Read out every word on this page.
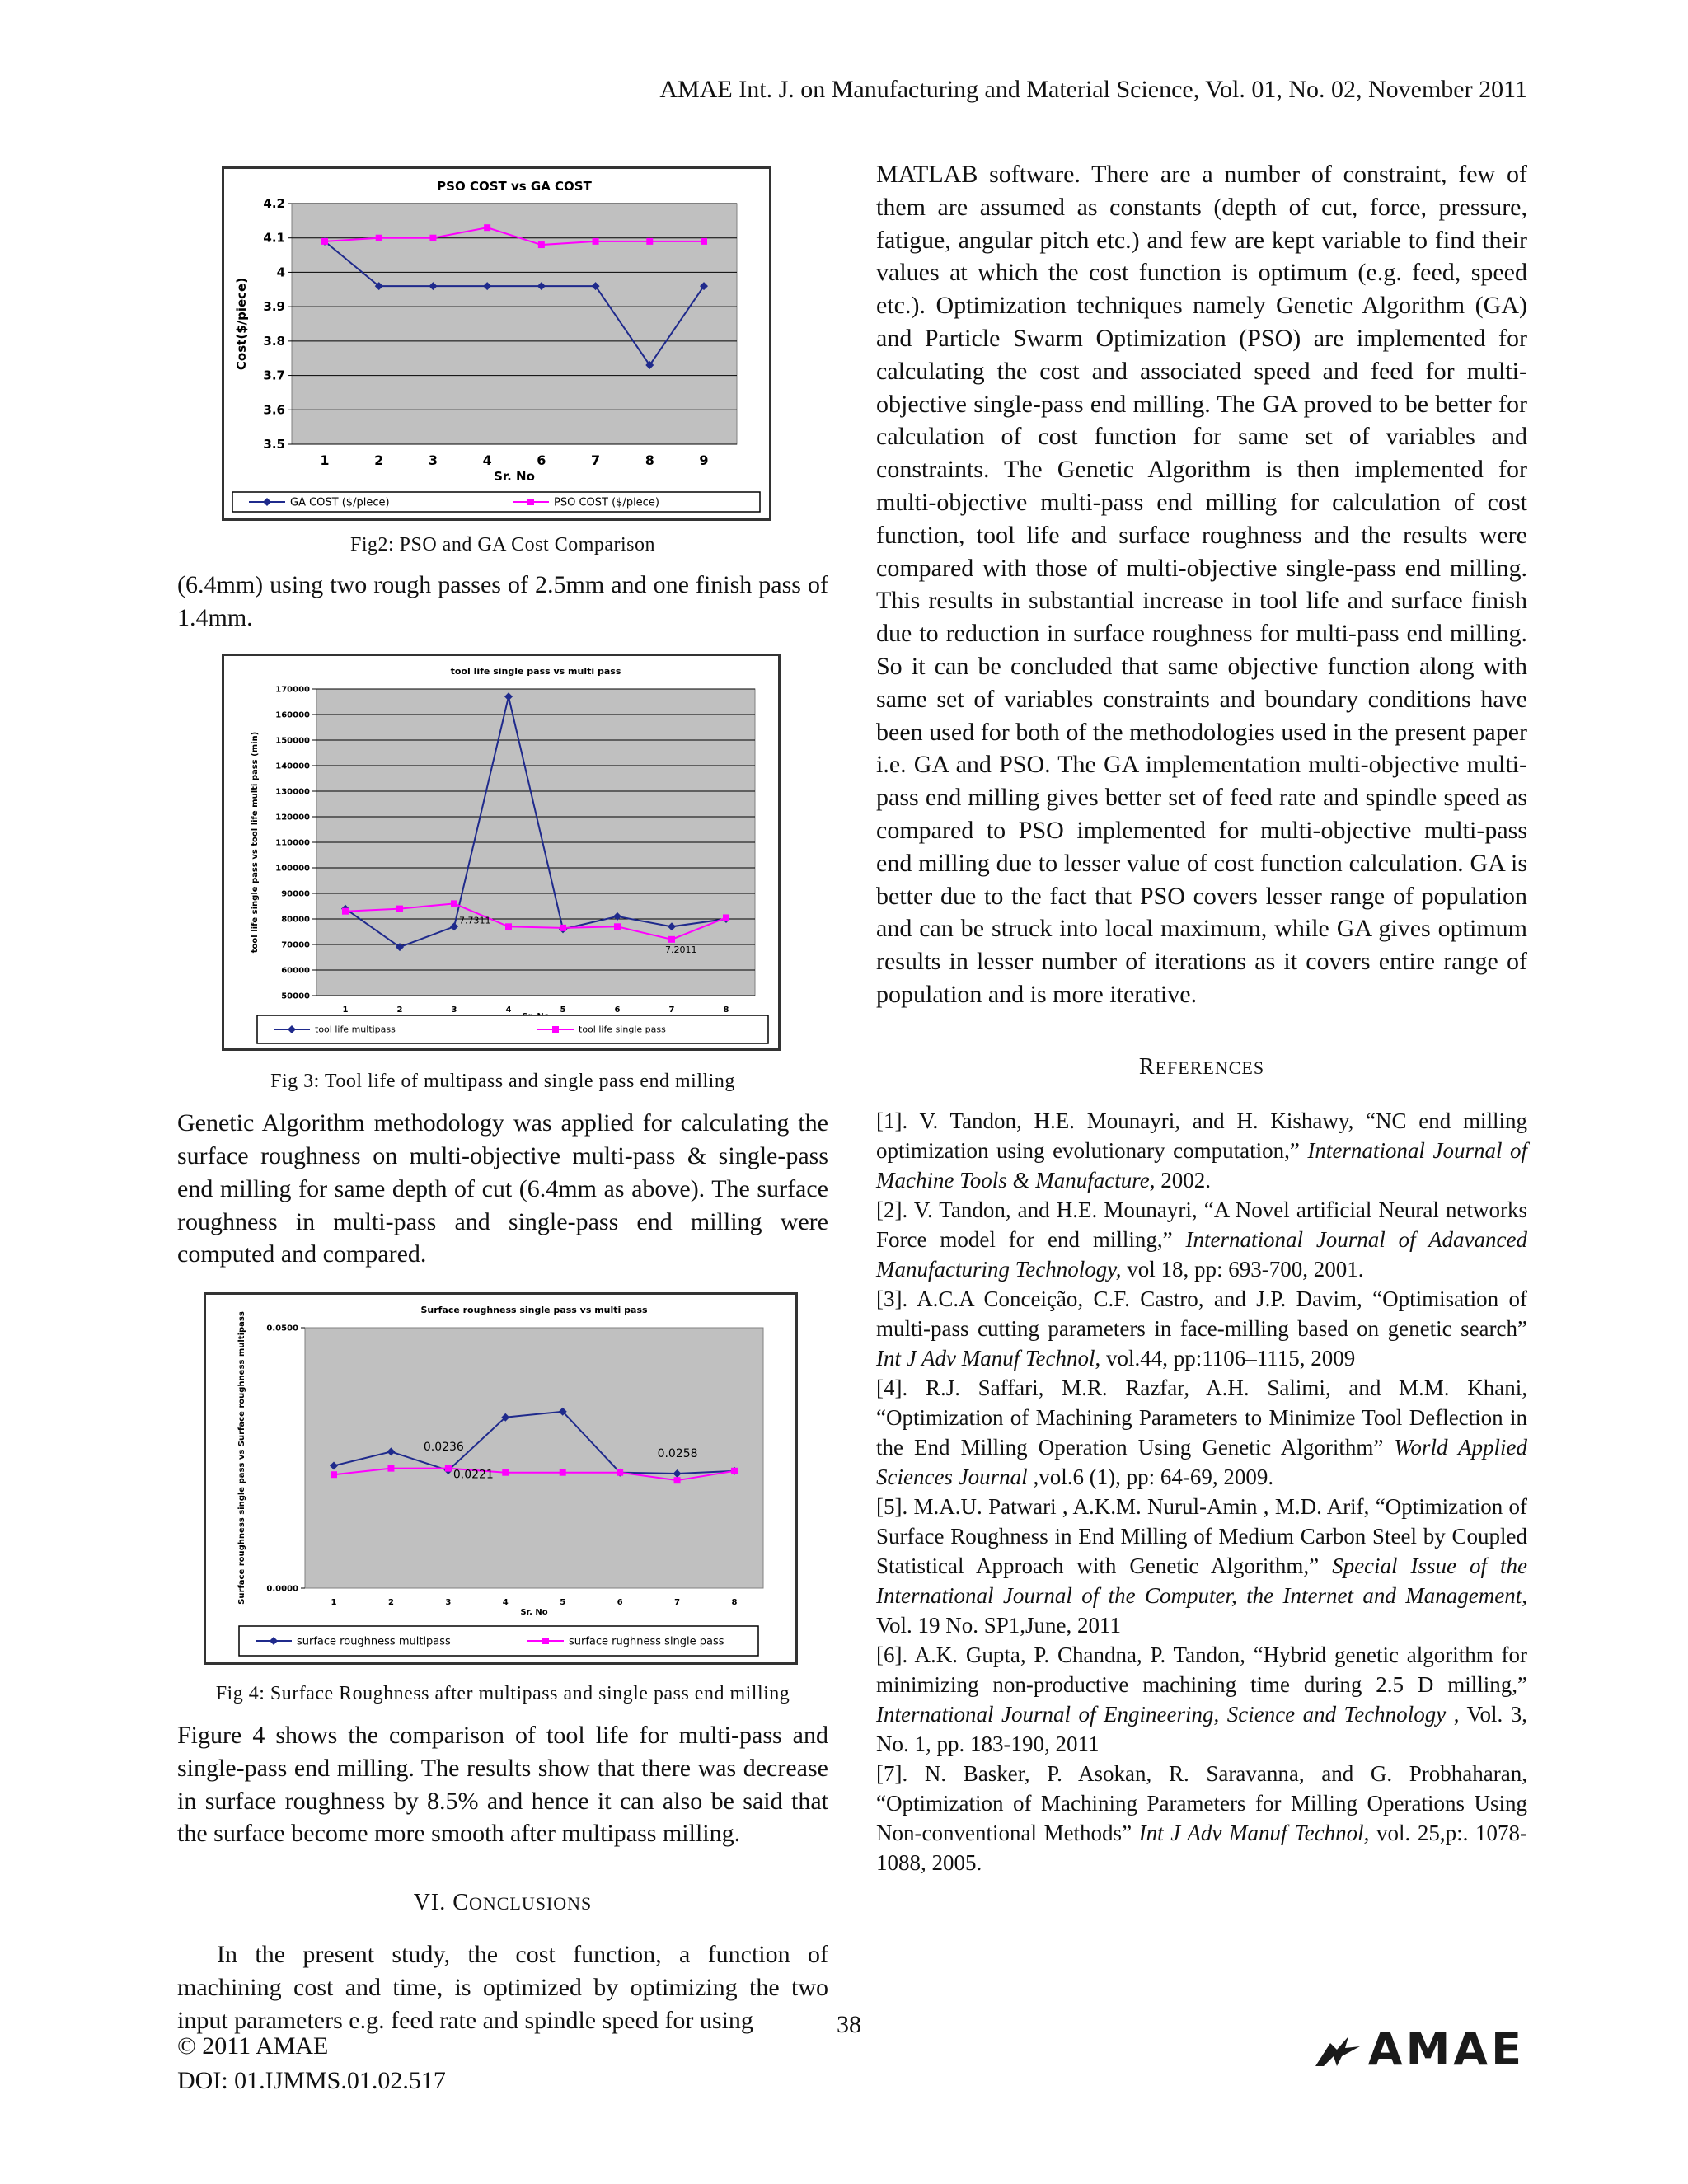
AMAE Int. J. on Manufacturing and Material Science, Vol. 01, No. 02, November 2011
3.5
3.6
3.7
3.8
3.9
4
4.1
4.2
1	2	3	4	6	7	8	9
PSO COST vs GA COST
Sr. No
Cost($/piece)
GA COST ($/piece)	PSO COST ($/piece)
Fig2: PSO and GA Cost Comparison

(6.4mm) using two rough passes of 2.5mm and one finish pass of 1.4mm.

50000
60000
70000
80000
90000
100000
110000
120000
130000
140000
150000
160000
170000
1	2	3	4	5	6	7	8
tool life single pass vs multi pass
tool life single pass vs tool life multi pass (min)	7.7311
7.2011
tool life multipass	tool life single pass
Fig 3: Tool life of multipass and single pass end milling

Genetic Algorithm methodology was applied for calculating the surface roughness on multi-objective multi-pass & single-pass end milling for same depth of cut (6.4mm as above). The surface roughness in multi-pass and single-pass end milling were computed and compared.

0.0000
0.0500
1	2	3	4	5	6	7	8
Surface roughness single pass vs multi pass
Sr. No
Surface roughness single pass vs Surface roughness multipass	0.0236
0.0221
0.0258
surface roughness multipass	surface rughness single pass
Fig 4: Surface Roughness after multipass and single pass end milling

Figure 4 shows the comparison of tool life for multi-pass and single-pass end milling. The results show that there was decrease in surface roughness by 8.5% and hence it can also be said that the surface become more smooth after multipass milling.

VI. CONCLUSIONS

In the present study, the cost function, a function of machining cost and time, is optimized by optimizing the two input parameters e.g. feed rate and spindle speed for using

MATLAB software. There are a number of constraint, few of them are assumed as constants (depth of cut, force, pressure, fatigue, angular pitch etc.) and few are kept variable to find their values at which the cost function is optimum (e.g. feed, speed etc.). Optimization techniques namely Genetic Algorithm (GA) and Particle Swarm Optimization (PSO) are implemented for calculating the cost and associated speed and feed for multi-objective single-pass end milling. The GA proved to be better for calculation of cost function for same set of variables and constraints. The Genetic Algorithm is then implemented for multi-objective multi-pass end milling for calculation of cost function, tool life and surface roughness and the results were compared with those of multi-objective single-pass end milling. This results in substantial increase in tool life and surface finish due to reduction in surface roughness for multi-pass end milling. So it can be concluded that same objective function along with same set of variables constraints and boundary conditions have been used for both of the methodologies used in the present paper i.e. GA and PSO. The GA implementation multi-objective multi-pass end milling gives better set of feed rate and spindle speed as compared to PSO implemented for multi-objective multi-pass end milling due to lesser value of cost function calculation. GA is better due to the fact that PSO covers lesser range of population and can be struck into local maximum, while GA gives optimum results in lesser number of iterations as it covers entire range of population and is more iterative.

REFERENCES

[1]. V. Tandon, H.E. Mounayri, and H. Kishawy, “NC end milling optimization using evolutionary computation,” International Journal of Machine Tools & Manufacture, 2002.

[2]. V. Tandon, and H.E. Mounayri, “A Novel artificial Neural networks Force model for end milling,” International Journal of Adavanced Manufacturing Technology, vol 18, pp: 693-700, 2001.

[3]. A.C.A Conceição, C.F. Castro, and J.P. Davim, “Optimisation of multi-pass cutting parameters in face-milling based on genetic search” Int J Adv Manuf Technol, vol.44, pp:1106–1115, 2009

[4]. R.J. Saffari, M.R. Razfar, A.H. Salimi, and M.M. Khani, “Optimization of Machining Parameters to Minimize Tool Deflection in the End Milling Operation Using Genetic Algorithm” World Applied Sciences Journal ,vol.6 (1), pp: 64-69, 2009.

[5]. M.A.U. Patwari , A.K.M. Nurul-Amin , M.D. Arif, “Optimization of Surface Roughness in End Milling of Medium Carbon Steel by Coupled Statistical Approach with Genetic Algorithm,” Special Issue of the International Journal of the Computer, the Internet and Management, Vol. 19 No. SP1,June, 2011

[6]. A.K. Gupta, P. Chandna, P. Tandon, “Hybrid genetic algorithm for minimizing non-productive machining time during 2.5 D milling,” International Journal of Engineering, Science and Technology , Vol. 3, No. 1, pp. 183-190, 2011

[7]. N. Basker, P. Asokan, R. Saravanna, and G. Probhaharan, “Optimization of Machining Parameters for Milling Operations Using Non-conventional Methods” Int J Adv Manuf Technol, vol. 25,p:. 1078-1088, 2005.

38
© 2011 AMAE
DOI: 01.IJMMS.01.02.517
AMAE
